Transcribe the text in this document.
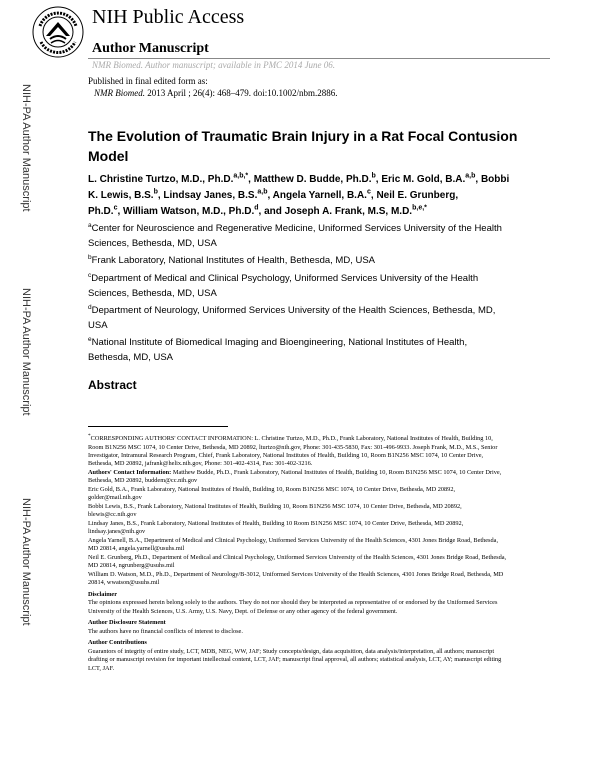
NIH Public Access
Author Manuscript
NMR Biomed. Author manuscript; available in PMC 2014 June 06.
NIH-PA Author Manuscript
NIH-PA Author Manuscript
NIH-PA Author Manuscript
Published in final edited form as:
NMR Biomed. 2013 April ; 26(4): 468–479. doi:10.1002/nbm.2886.
The Evolution of Traumatic Brain Injury in a Rat Focal Contusion Model
L. Christine Turtzo, M.D., Ph.D.$^{a,b,*}$, Matthew D. Budde, Ph.D.$^b$, Eric M. Gold, B.A.$^{a,b}$, Bobbi K. Lewis, B.S.$^b$, Lindsay Janes, B.S.$^{a,b}$, Angela Yarnell, B.A.$^c$, Neil E. Grunberg, Ph.D.$^c$, William Watson, M.D., Ph.D.$^d$, and Joseph A. Frank, M.S, M.D.$^{b,e,*}$
$^a$Center for Neuroscience and Regenerative Medicine, Uniformed Services University of the Health Sciences, Bethesda, MD, USA
$^b$Frank Laboratory, National Institutes of Health, Bethesda, MD, USA
$^c$Department of Medical and Clinical Psychology, Uniformed Services University of the Health Sciences, Bethesda, MD, USA
$^d$Department of Neurology, Uniformed Services University of the Health Sciences, Bethesda, MD, USA
$^e$National Institute of Biomedical Imaging and Bioengineering, National Institutes of Health, Bethesda, MD, USA
Abstract

*CORRESPONDING AUTHORS' CONTACT INFORMATION: L. Christine Turtzo, M.D., Ph.D., Frank Laboratory, National Institutes of Health, Building 10, Room B1N256 MSC 1074, 10 Center Drive, Bethesda, MD 20892, lturtzo@nih.gov, Phone: 301-435-5830, Fax: 301-496-9933. Joseph Frank, M.D., M.S., Senior Investigator, Intramural Research Program, Chief, Frank Laboratory, National Institutes of Health, Building 10, Room B1N256 MSC 1074, 10 Center Drive, Bethesda, MD 20892, jafrank@helix.nih.gov, Phone: 301-402-4314, Fax: 301-402-3216.

Authors' Contact Information: Matthew Budde, Ph.D., Frank Laboratory, National Institutes of Health, Building 10, Room B1N256 MSC 1074, 10 Center Drive, Bethesda, MD 20892, buddem@cc.nih.gov

Eric Gold, B.A., Frank Laboratory, National Institutes of Health, Building 10, Room B1N256 MSC 1074, 10 Center Drive, Bethesda, MD 20892, golder@mail.nih.gov

Bobbi Lewis, B.S., Frank Laboratory, National Institutes of Health, Building 10, Room B1N256 MSC 1074, 10 Center Drive, Bethesda, MD 20892, blewis@cc.nih.gov

Lindsay Janes, B.S., Frank Laboratory, National Institutes of Health, Building 10 Room B1N256 MSC 1074, 10 Center Drive, Bethesda, MD 20892, lindsay.janes@nih.gov

Angela Yarnell, B.A., Department of Medical and Clinical Psychology, Uniformed Services University of the Health Sciences, 4301 Jones Bridge Road, Bethesda, MD 20814, angela.yarnell@usuhs.mil

Neil E. Grunberg, Ph.D., Department of Medical and Clinical Psychology, Uniformed Services University of the Health Sciences, 4301 Jones Bridge Road, Bethesda, MD 20814, ngrunberg@usuhs.mil

William D. Watson, M.D., Ph.D., Department of Neurology/B-3012, Uniformed Services University of the Health Sciences, 4301 Jones Bridge Road, Bethesda, MD 20814, wwatson@usuhs.mil

Disclaimer

The opinions expressed herein belong solely to the authors. They do not nor should they be interpreted as representative of or endorsed by the Uniformed Services University of the Health Sciences, U.S. Army, U.S. Navy, Dept. of Defense or any other agency of the federal government.

Author Disclosure Statement

The authors have no financial conflicts of interest to disclose.

Author Contributions

Guarantors of integrity of entire study, LCT, MDB, NEG, WW, JAF; Study concepts/design, data acquisition, data analysis/interpretation, all authors; manuscript drafting or manuscript revision for important intellectual content, LCT, JAF; manuscript final approval, all authors; statistical analysis, LCT, AY; manuscript editing LCT, JAF.
